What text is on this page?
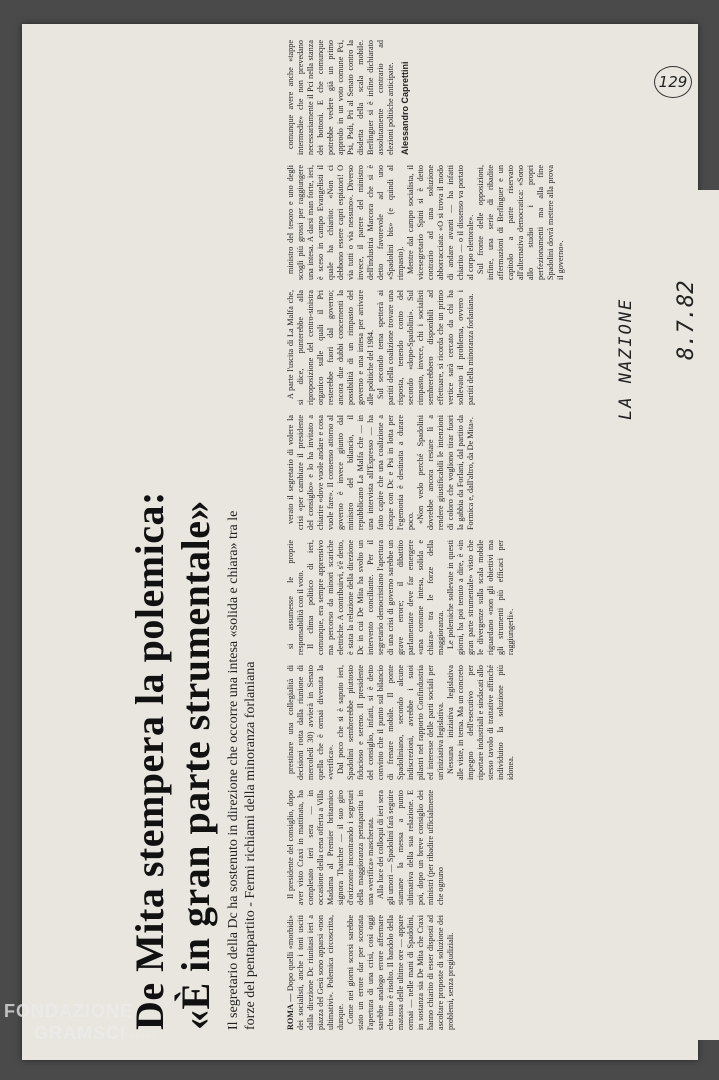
129
De Mita stempera la polemica: «È in gran parte strumentale» Il segretario della Dc ha sostenuto in direzione che occorre una intesa «solida e chiara» tra le forze del pentapartito - Fermi richiami della minoranza forlaniana

LA NAZIONE 8.7.82

ROMA — Dopo quelli «morbidi» dei socialisti, anche i toni usciti dalla direzione Dc riunitasi ieri a piazza del Gesù sono apparsi «non ultimativi». Polemica circoscritta, dunque. Come nei giorni scorsi sarebbe stato un errore dar per scontata l'apertura di una crisi, così oggi sarebbe analogo errore affermare che tutto è risolto. Il bandolo della matassa delle ultime ore — appare ormai — nelle mani di Spadolini, in sostanza sia De Mita che Craxi hanno chiarito di esser disposti ad ascoltare proposte di soluzione dei problemi, senza pregiudiziali.

Il presidente del consiglio, dopo aver visto Craxi in mattinata, ha completato ieri sera — in occasione della cena offerta a Villa Madama al Premier britannico signora Thatcher — il suo giro d'orizzonte incontrando i segretari della maggioranza pentapartita in una «verifica» mascherata. Alla luce dei colloqui di ieri sera gli umori — Spadolini farà seguire stamane la messa a punto ultimativa della sua relazione. E poi, dopo un breve consiglio dei ministri (per ribadire ufficialmente che ognuno

prestinare una collegialità di decisioni rotta dalla riunione di mercoledì 30) avvierà in Senato quella che è ormai divenuta la «verifica». Dal poco che si è saputo ieri, Spadolini sembrerebbe piuttosto fiducioso e sereno. Il presidente del consiglio, infatti, si è detto convinto che il punto sul bilancio di frenare mobile. Il ponte Spadoliniano, secondo alcune indiscrezioni, avrebbe i suoi pilastri nel rapporto Confindustria ed interesse delle parti sociali per un'iniziativa legislativa. Nessuna iniziativa legislativa alle viste, in tema. Ma un concreto impegno dell'esecutivo per riportare industriali e sindacati allo stesso tavolo di trattative affinché individuino la soluzione più idonea.

si assumesse le proprie responsabilità con il voto. Il clima politico di ieri, comunque, era sempre apprensivo ma percorso da minori scariche elettriche. A contribuirvi, s'è detto, è stata la relazione della direzione Dc in cui De Mita ha svolto un intervento conciliante. Per il segretario democristiano l'apertura di una crisi di governo sarebbe un grave errore; il dibattito parlamentare deve far emergere «una comune intesa, solida e chiara» tra le forze della maggioranza. Le polemiche sollevate in questi giorni, ha poi tenuto a dire, è «in gran parte strumentale» visto che le divergenze sulla scala mobile riguardano «non gli obiettivi ma gli strumenti più efficaci per raggiungerli».

verato il segretario di volere la crisi «per cambiare il presidente del consiglio» e lo ha invitato a chiarire «dove vuole andare e cosa vuole fare». Il consenso attorno al governo è invece giunto dal ministro del bilancio, il repubblicano La Malfa che — in una intervista all'Espresso — ha fatto capire che una coalizione a cinque con Dc e Psi in lotta per l'egemonia è destinata a durare poco. «Non vedo perché Spadolini dovrebbe ancora restare lì a rendere giustificabili le intenzioni di coloro che vogliono tirar fuori la gabbia da Forlani, dal partito da Formica e, dall'altro, da De Mita».

A parte l'uscita di La Malfa che, si dice, punterebbe alla riproposizione del centro-sinistra organico sulle quali il Pri resterebbe fuori dal governo; ancora due dubbi concernenti la possibilità di un rimpasto del governo e una intesa per arrivare alle politiche del 1984. Sul secondo tema spetterà ai partiti della coalizione trovare una risposta, tenendo conto del secondo «dopo-Spadolini». Sul rimpasto, invece, chi i socialisti sembrerebbero disponibili ad effettuare, si ricorda che un primo vertice sarà cercato da chi ha sollevato il problema, ovvero i partiti della minoranza forlaniana.

ministro del tesoro e uno degli scogli più grossi per raggiungere una intesa. A darsi man forte, ieri, è sceso in campo Evangelisti il quale ha chiarito: «Non ci debbono essere capri espiatori! O via tutti o via nessuno». Diverso invece, il parere del ministro dell'industria Marcora che si è detto favorevole ad uno «Spadolini bis» (e quindi al rimpasto). Mentre dal campo socialista, il vicesegretario Spini si è detto contrario ad una soluzione abborracciata: «O si trova il modo di andare avanti — ha infatti chiarito — o il dissenso va portato al corpo elettorale». Sul fronte delle opposizioni, infine, una serie di ribadite affermazioni di Berlinguer e un capitolo a parte riservato all'alternativa democratica: «Sono allo studio i propri perfezionamenti ma alla fine Spadolini dovrà mettere alla prova il governo».

comunque avere anche «tappe intermedie» che non prevedano necessariamente il Pci nella stanza dei bottoni. E che comunque potrebbe vedere già un primo approdo in un voto comune Pci, Psi, Psdi, Pri al Senato contro la disdetta della scala mobile. Berlinguer si è infine dichiarato assolutamente contrario ad elezioni politiche anticipate. Alessandro Caprettini

FONDAZIONE
GRAMSCI onlus
